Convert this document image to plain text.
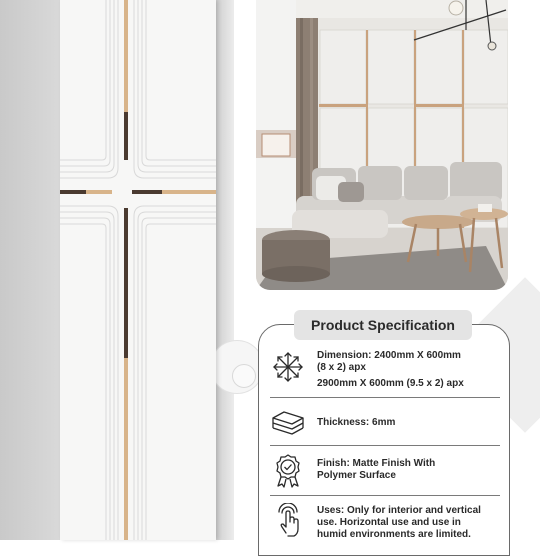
Product Specification
Dimension: 2400mm X 600mm
(8 x 2) apx
2900mm X 600mm (9.5 x 2) apx
Thickness: 6mm
Finish: Matte Finish With
Polymer Surface
Uses: Only for interior and vertical
use. Horizontal use and use in
humid environments are limited.
